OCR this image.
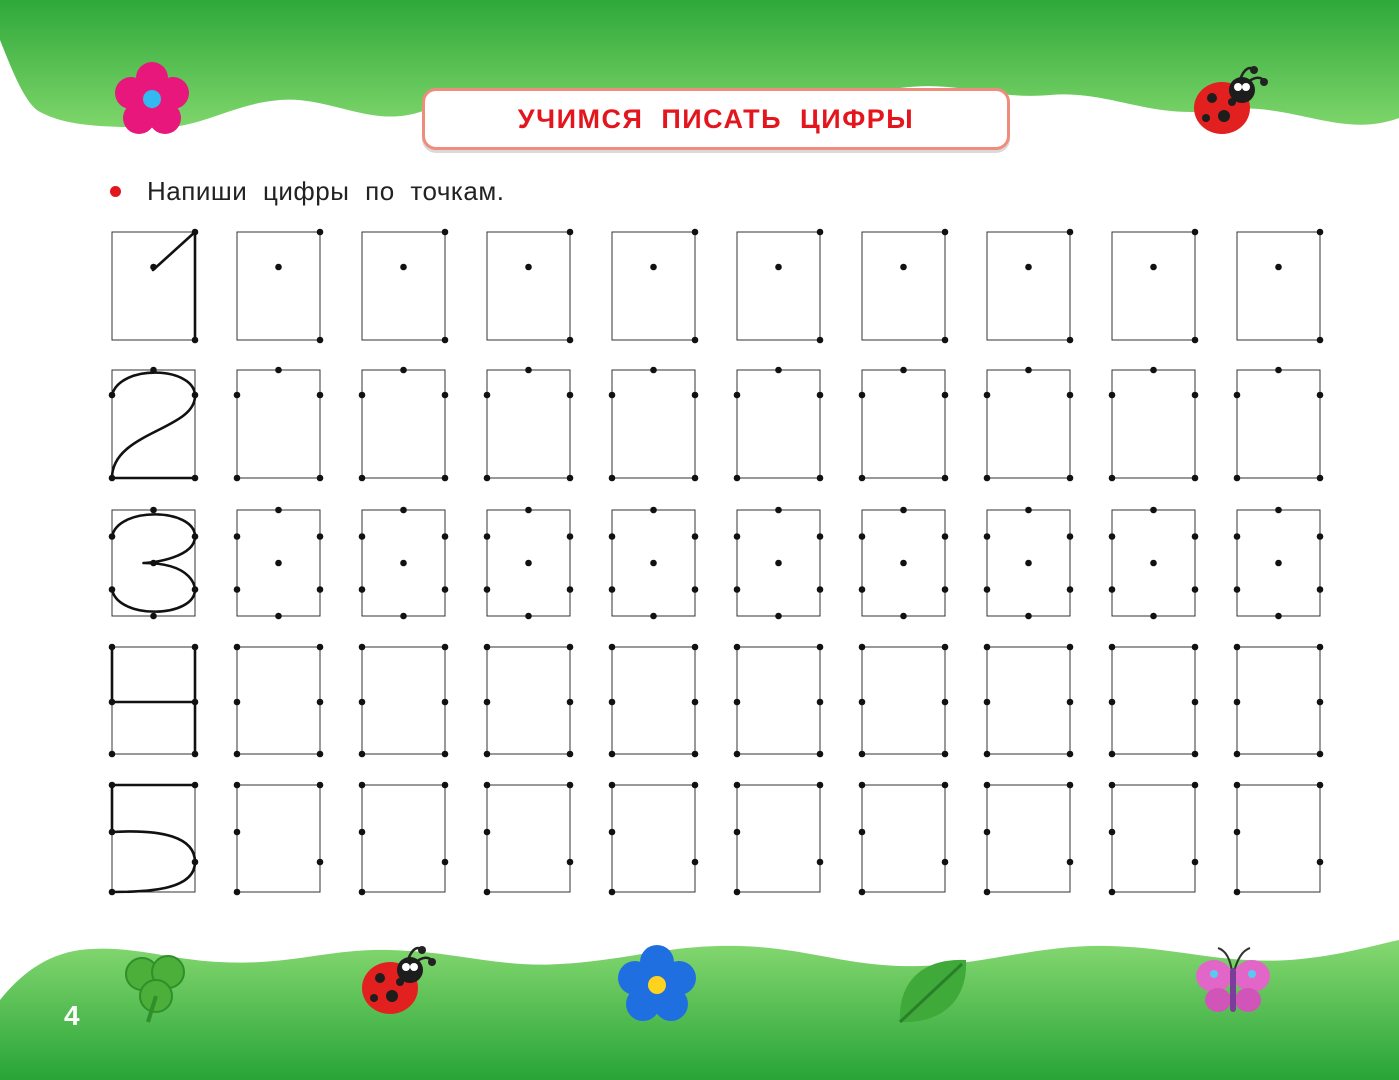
УЧИМСЯ ПИСАТЬ ЦИФРЫ
Напиши цифры по точкам.
4
